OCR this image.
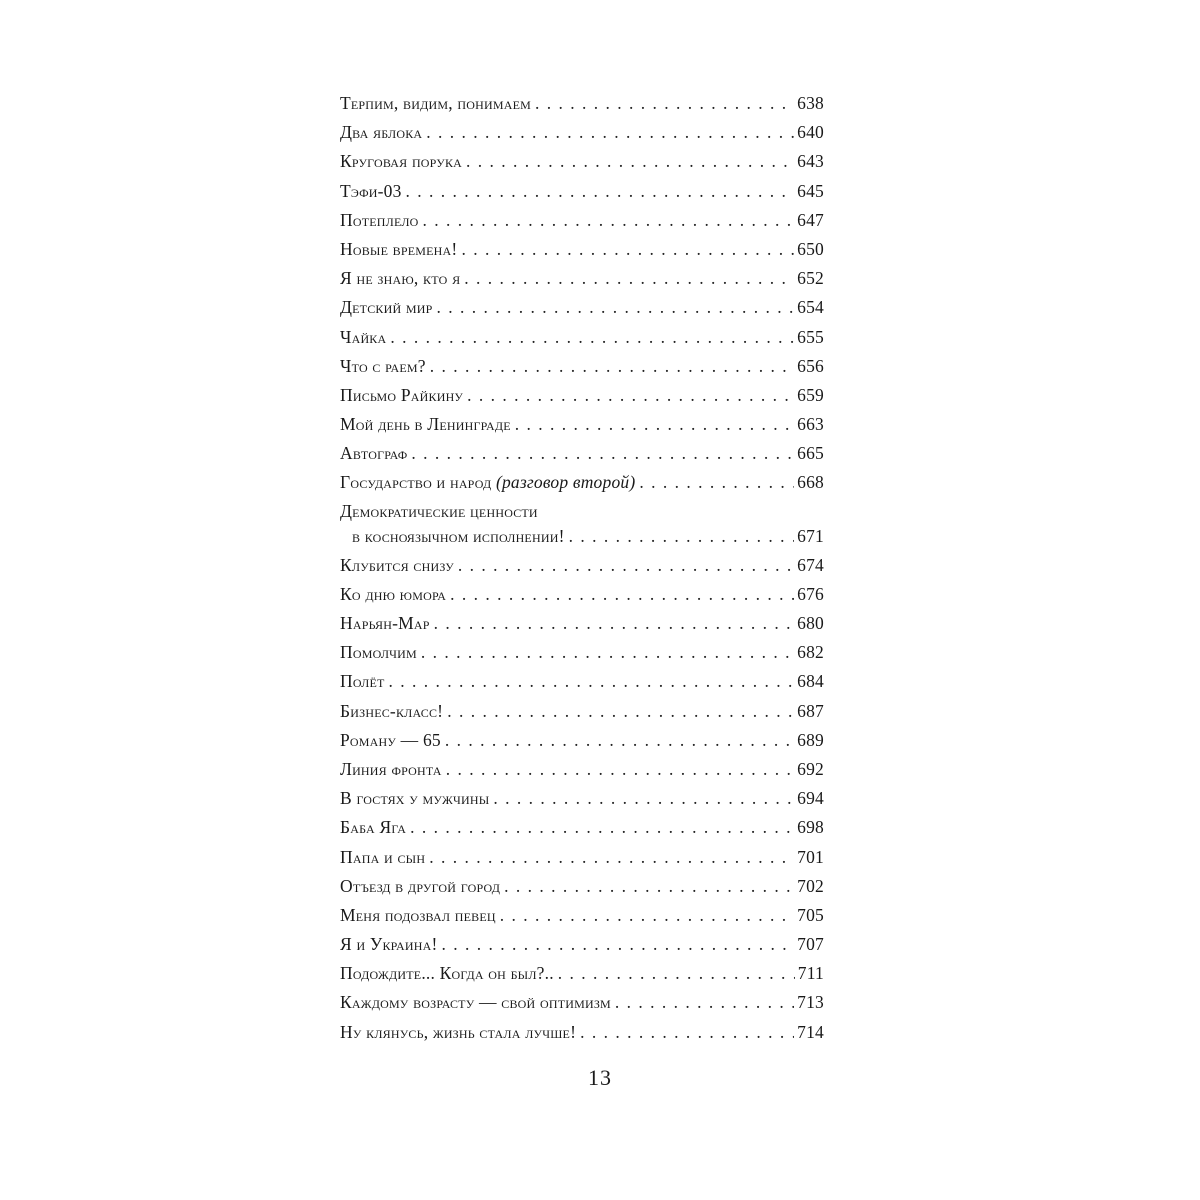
Терпим, видим, понимаем . . .	638
Два яблока . . .	640
Круговая порука . . .	643
Тэфи-03 . . .	645
Потеплело . . .	647
Новые времена! . . .	650
Я не знаю, кто я . . .	652
Детский мир . . .	654
Чайка . . .	655
Что с раем? . . .	656
Письмо Райкину . . .	659
Мой день в Ленинграде . . .	663
Автограф . . .	665
Государство и народ (разговор второй) . . .	668
Демократические ценности
в косноязычном исполнении! . . .	671
Клубится снизу . . .	674
Ко дню юмора . . .	676
Нарьян-Мар . . .	680
Помолчим . . .	682
Полёт . . .	684
Бизнес-класс! . . .	687
Роману — 65 . . .	689
Линия фронта . . .	692
В гостях у мужчины . . .	694
Баба Яга . . .	698
Папа и сын . . .	701
Отъезд в другой город . . .	702
Меня подозвал певец . . .	705
Я и Украина! . . .	707
Подождите... Когда он был?.. . . .	711
Каждому возрасту — свой оптимизм . . .	713
Ну клянусь, жизнь стала лучше! . . .	714
13
